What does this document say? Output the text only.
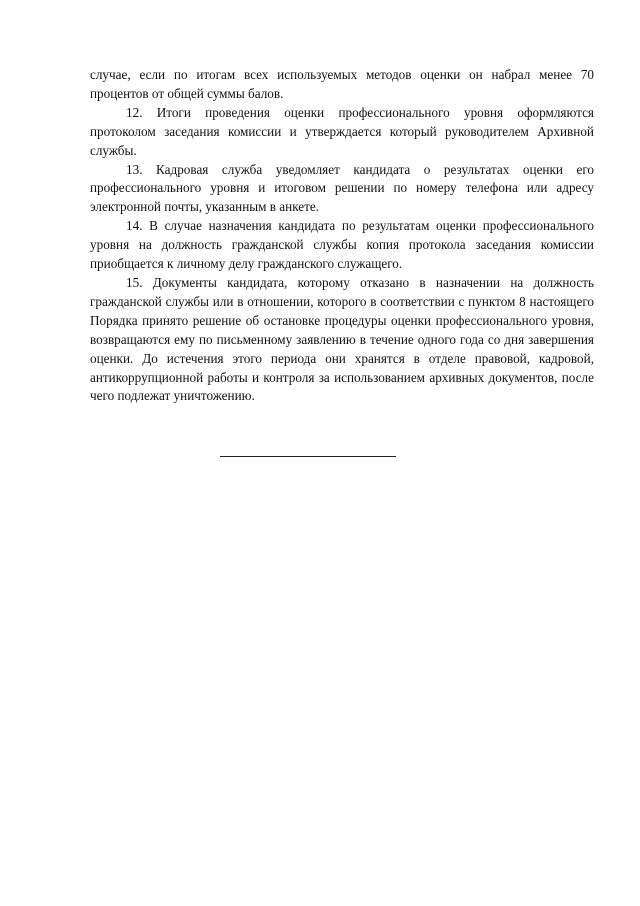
случае, если по итогам всех используемых методов оценки он набрал менее 70 процентов от общей суммы балов.

12. Итоги проведения оценки профессионального уровня оформляются протоколом заседания комиссии и утверждается который руководителем Архивной службы.

13. Кадровая служба уведомляет кандидата о результатах оценки его профессионального уровня и итоговом решении по номеру телефона или адресу электронной почты, указанным в анкете.

14. В случае назначения кандидата по результатам оценки профессионального уровня на должность гражданской службы копия протокола заседания комиссии приобщается к личному делу гражданского служащего.

15. Документы кандидата, которому отказано в назначении на должность гражданской службы или в отношении, которого в соответствии с пунктом 8 настоящего Порядка принято решение об остановке процедуры оценки профессионального уровня, возвращаются ему по письменному заявлению в течение одного года со дня завершения оценки. До истечения этого периода они хранятся в отделе правовой, кадровой, антикоррупционной работы и контроля за использованием архивных документов, после чего подлежат уничтожению.
